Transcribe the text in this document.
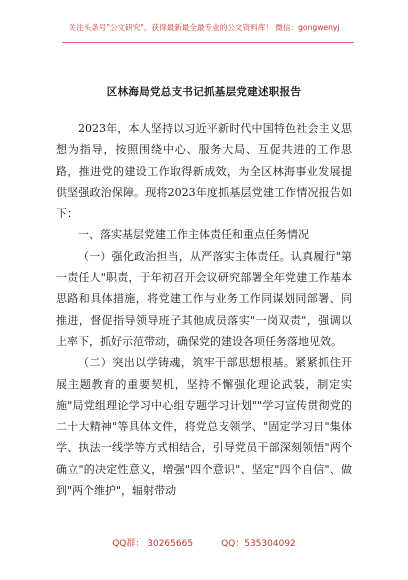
关注头条号"公文研究"，获得最新最全最专业的公文资料库！ 微信：gongwenyj
区林海局党总支书记抓基层党建述职报告

2023年，本人坚持以习近平新时代中国特色社会主义思想为指导，按照围绕中心、服务大局、互促共进的工作思路，推进党的建设工作取得新成效，为全区林海事业发展提供坚强政治保障。现将2023年度抓基层党建工作情况报告如下：

一、落实基层党建工作主体责任和重点任务情况

（一）强化政治担当，从严落实主体责任。认真履行"第一责任人"职责，于年初召开会议研究部署全年党建工作基本思路和具体措施，将党建工作与业务工作同谋划同部署、同推进，督促指导领导班子其他成员落实"一岗双责"，强调以上率下，抓好示范带动，确保党的建设各项任务落地见效。

（二）突出以学铸魂，筑牢干部思想根基。紧紧抓住开展主题教育的重要契机，坚持不懈强化理论武装，制定实施"局党组理论学习中心组专题学习计划""学习宣传贯彻党的二十大精神"等具体文件，将党总支领学、"固定学习日"集体学、执法一线学等方式相结合，引导党员干部深刻领悟"两个确立"的决定性意义，增强"四个意识"、坚定"四个自信"、做到"两个维护"，辐射带动

QQ群： 30265665	QQ：535304092
